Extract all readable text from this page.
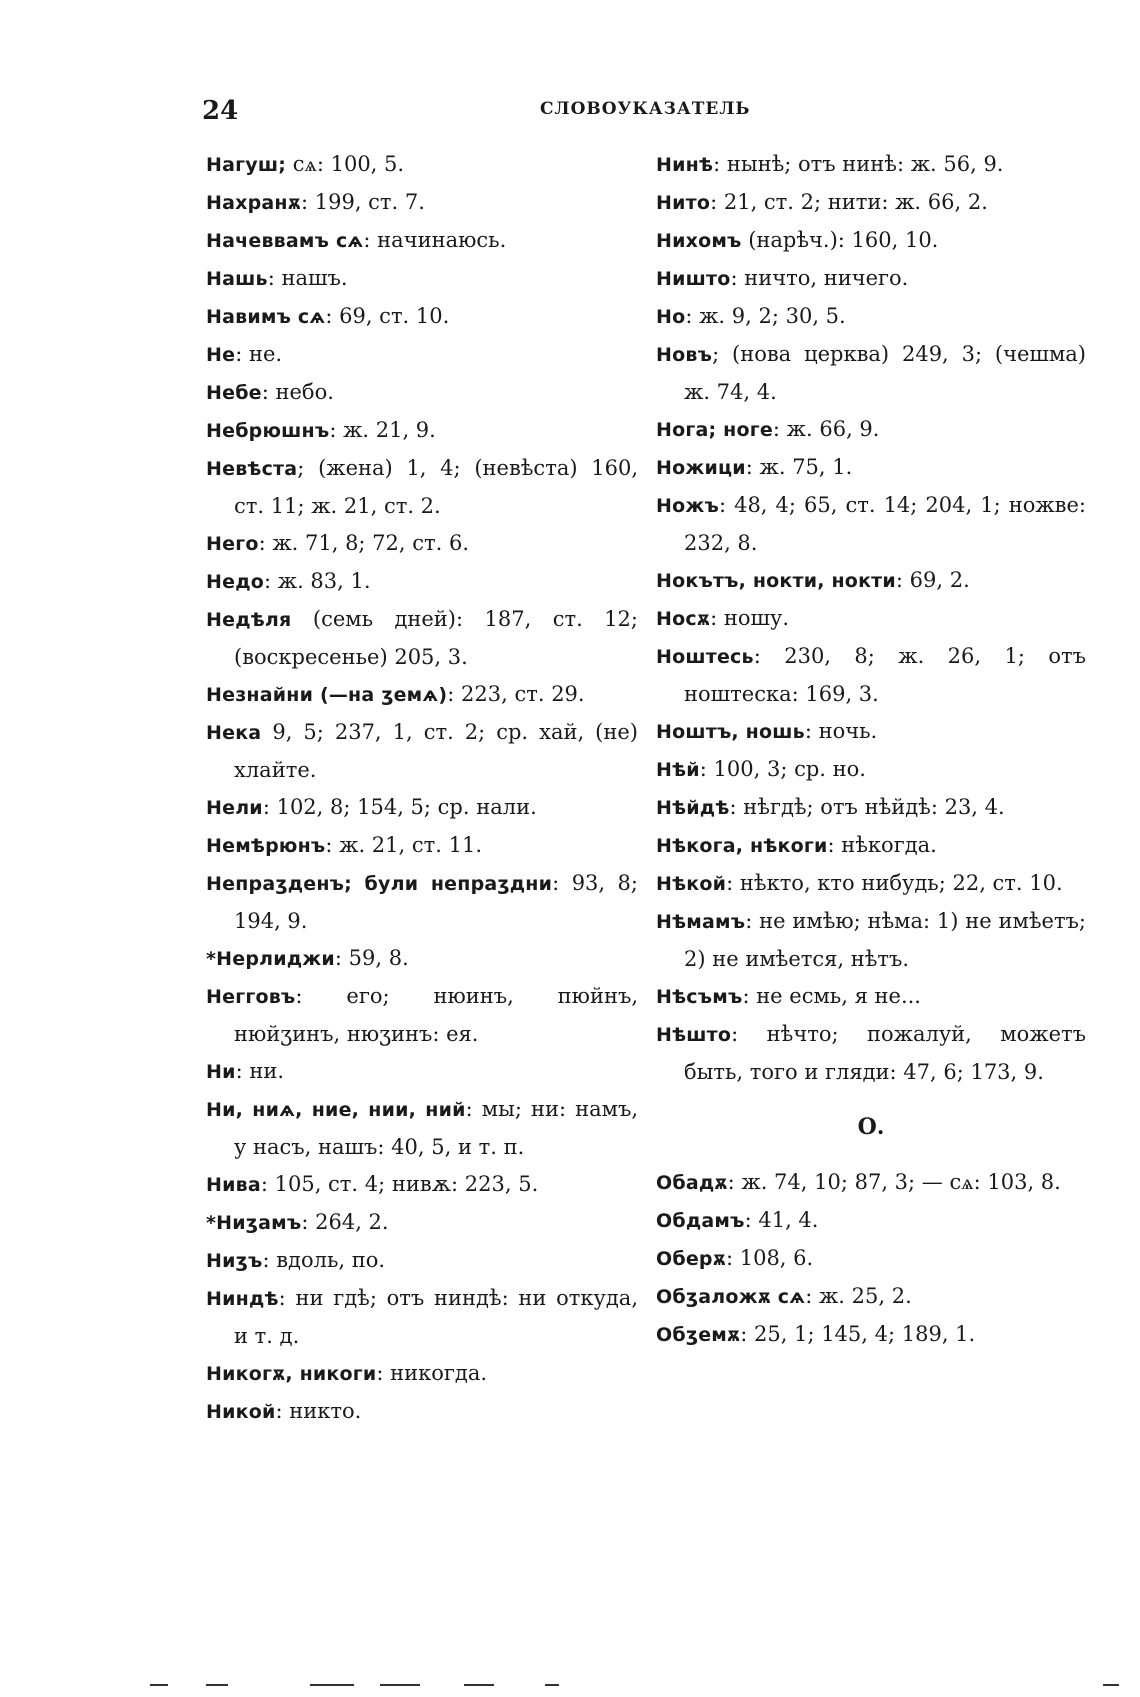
24	СЛОВОУКАЗАТЕЛЬ

Нагуш; сѧ: 100, 5.

Нахранѫ: 199, ст. 7.

Начеввамъ сѧ: начинаюсь.

Нашь: нашъ.

Навимъ сѧ: 69, ст. 10.

Не: не.

Небе: небо.

Небрюшнъ: ж. 21, 9.

Невѣста; (жена) 1, 4; (невѣста) 160, ст. 11; ж. 21, ст. 2.

Него: ж. 71, 8; 72, ст. 6.

Недо: ж. 83, 1.

Недѣля (семь дней): 187, ст. 12; (воскресенье) 205, 3.

Незнайни (—на ʒемѧ): 223, ст. 29.

Нека 9, 5; 237, 1, ст. 2; ср. хай, (не) хлайте.

Нели: 102, 8; 154, 5; ср. нали.

Немѣрюнъ: ж. 21, ст. 11.

Непраʒденъ; були непраʒдни: 93, 8; 194, 9.

*Нерлиджи: 59, 8.

Негговъ: его; нюинъ, пюйнъ, нюйʒинъ, нюʒинъ: ея.

Ни: ни.

Ни, ниѧ, ние, нии, ний: мы; ни: намъ, у насъ, нашъ: 40, 5, и т. п.

Нива: 105, ст. 4; нивѫ: 223, 5.

*Ниʒамъ: 264, 2.

Ниʒъ: вдоль, по.

Ниндѣ: ни гдѣ; отъ ниндѣ: ни откуда, и т. д.

Никогѫ, никоги: никогда.

Никой: никто.

Нинѣ: нынѣ; отъ нинѣ: ж. 56, 9.

Нито: 21, ст. 2; нити: ж. 66, 2.

Нихомъ (нарѣч.): 160, 10.

Ништо: ничто, ничего.

Но: ж. 9, 2; 30, 5.

Новъ; (нова церква) 249, 3; (чешма) ж. 74, 4.

Нога; ноге: ж. 66, 9.

Ножици: ж. 75, 1.

Ножъ: 48, 4; 65, ст. 14; 204, 1; ножве: 232, 8.

Нокътъ, нокти, нокти: 69, 2.

Носѫ: ношу.

Ноштесь: 230, 8; ж. 26, 1; отъ ноштеска: 169, 3.

Ноштъ, ношь: ночь.

Нѣй: 100, 3; ср. но.

Нѣйдѣ: нѣгдѣ; отъ нѣйдѣ: 23, 4.

Нѣкога, нѣкоги: нѣкогда.

Нѣкой: нѣкто, кто нибудь; 22, ст. 10.

Нѣмамъ: не имѣю; нѣма: 1) не имѣетъ; 2) не имѣется, нѣтъ.

Нѣсъмъ: не есмь, я не...

Нѣшто: нѣчто; пожалуй, можетъ быть, того и гляди: 47, 6; 173, 9.

О.

Обадѫ: ж. 74, 10; 87, 3; — сѧ: 103, 8.

Обдамъ: 41, 4.

Оберѫ: 108, 6.

Обʒаложѫ сѧ: ж. 25, 2.

Обʒемѫ: 25, 1; 145, 4; 189, 1.
